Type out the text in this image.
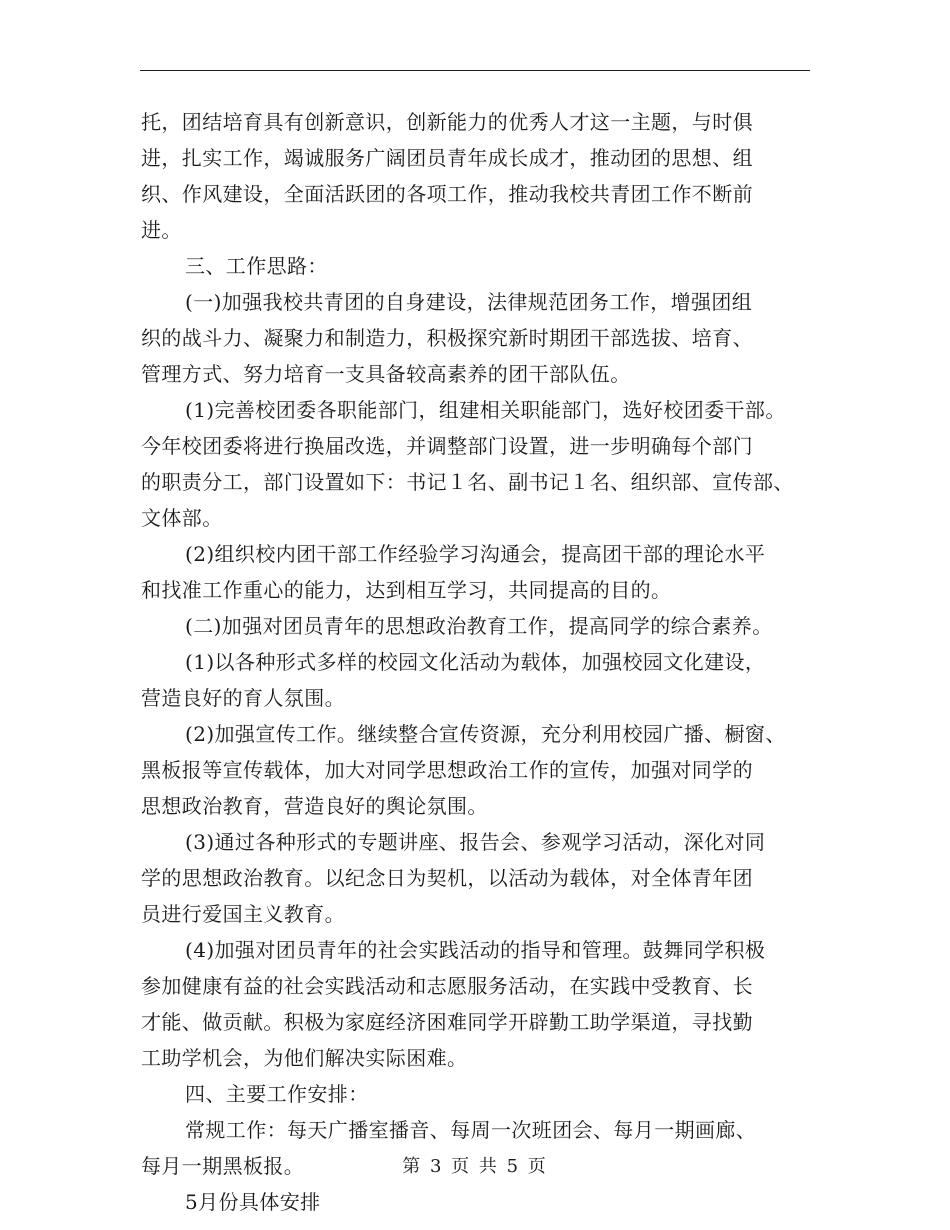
托，团结培育具有创新意识，创新能力的优秀人才这一主题，与时俱
进，扎实工作，竭诚服务广阔团员青年成长成才，推动团的思想、组
织、作风建设，全面活跃团的各项工作，推动我校共青团工作不断前
进。
三、工作思路：
(一)加强我校共青团的自身建设，法律规范团务工作，增强团组
织的战斗力、凝聚力和制造力，积极探究新时期团干部选拔、培育、
管理方式、努力培育一支具备较高素养的团干部队伍。
(1)完善校团委各职能部门，组建相关职能部门，选好校团委干部。
今年校团委将进行换届改选，并调整部门设置，进一步明确每个部门
的职责分工，部门设置如下：书记１名、副书记１名、组织部、宣传部、
文体部。
(2)组织校内团干部工作经验学习沟通会，提高团干部的理论水平
和找准工作重心的能力，达到相互学习，共同提高的目的。
(二)加强对团员青年的思想政治教育工作，提高同学的综合素养。
(1)以各种形式多样的校园文化活动为载体，加强校园文化建设，
营造良好的育人氛围。
(2)加强宣传工作。继续整合宣传资源，充分利用校园广播、橱窗、
黑板报等宣传载体，加大对同学思想政治工作的宣传，加强对同学的
思想政治教育，营造良好的舆论氛围。
(3)通过各种形式的专题讲座、报告会、参观学习活动，深化对同
学的思想政治教育。以纪念日为契机，以活动为载体，对全体青年团
员进行爱国主义教育。
(4)加强对团员青年的社会实践活动的指导和管理。鼓舞同学积极
参加健康有益的社会实践活动和志愿服务活动，在实践中受教育、长
才能、做贡献。积极为家庭经济困难同学开辟勤工助学渠道，寻找勤
工助学机会，为他们解决实际困难。
四、主要工作安排：
常规工作：每天广播室播音、每周一次班团会、每月一期画廊、
每月一期黑板报。
5月份具体安排
第 3 页 共 5 页
